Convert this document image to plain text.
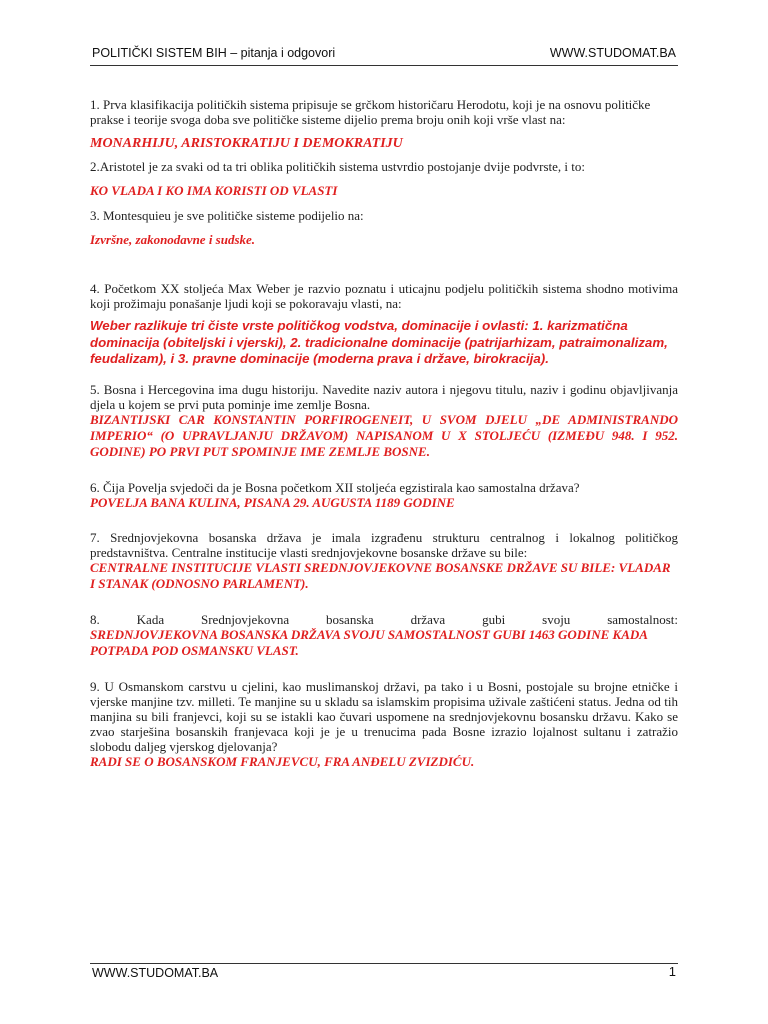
POLITIČKI SISTEM BIH – pitanja i odgovori	WWW.STUDOMAT.BA

1. Prva klasifikacija političkih sistema pripisuje se grčkom historičaru Herodotu, koji je na osnovu političke prakse i teorije svoga doba sve političke sisteme dijelio prema broju onih koji vrše vlast na:

MONARHIJU, ARISTOKRATIJU I DEMOKRATIJU

2.Aristotel je za svaki od ta tri oblika političkih sistema ustvrdio postojanje dvije podvrste, i to:

KO VLADA I KO IMA KORISTI OD VLASTI

3. Montesquieu je sve političke sisteme podijelio na:

Izvršne, zakonodavne i sudske.

4. Početkom XX stoljeća Max Weber je razvio poznatu i uticajnu podjelu političkih sistema shodno motivima koji prožimaju ponašanje ljudi koji se pokoravaju vlasti, na:

Weber razlikuje tri čiste vrste političkog vodstva, dominacije i ovlasti: 1. karizmatična dominacija (obiteljski i vjerski), 2. tradicionalne dominacije (patrijarhizam, patraimonalizam, feudalizam), i 3. pravne dominacije (moderna prava i države, birokracija).

5. Bosna i Hercegovina ima dugu historiju. Navedite naziv autora i njegovu titulu, naziv i godinu objavljivanja djela u kojem se prvi puta pominje ime zemlje Bosna.

BIZANTIJSKI CAR KONSTANTIN PORFIROGENEIT, U SVOM DJELU „DE ADMINISTRANDO IMPERIO“ (O UPRAVLJANJU DRŽAVOM) NAPISANOM U X STOLJEĆU (IZMEĐU 948. I 952. GODINE) PO PRVI PUT SPOMINJE IME ZEMLJE BOSNE.

6. Čija Povelja svjedoči da je Bosna početkom XII stoljeća egzistirala kao samostalna država?

POVELJA BANA KULINA, PISANA 29. AUGUSTA 1189 GODINE

7. Srednjovjekovna bosanska država je imala izgrađenu strukturu centralnog i lokalnog političkog predstavništva. Centralne institucije vlasti srednjovjekovne bosanske države su bile:

CENTRALNE INSTITUCIJE VLASTI SREDNJOVJEKOVNE BOSANSKE DRŽAVE SU BILE: VLADAR I STANAK (ODNOSNO PARLAMENT).

8. Kada Srednjovjekovna bosanska država gubi svoju samostalnost:

SREDNJOVJEKOVNA BOSANSKA DRŽAVA SVOJU SAMOSTALNOST GUBI 1463 GODINE KADA POTPADA POD OSMANSKU VLAST.

9. U Osmanskom carstvu u cjelini, kao muslimanskoj državi, pa tako i u Bosni, postojale su brojne etničke i vjerske manjine tzv. milleti. Te manjine su u skladu sa islamskim propisima uživale zaštićeni status. Jedna od tih manjina su bili franjevci, koji su se istakli kao čuvari uspomene na srednjovjekovnu bosansku državu. Kako se zvao starješina bosanskih franjevaca koji je je u trenucima pada Bosne izrazio lojalnost sultanu i zatražio slobodu daljeg vjerskog djelovanja?

RADI SE O BOSANSKOM FRANJEVCU, FRA ANĐELU ZVIZDIĆU.

WWW.STUDOMAT.BA	1
